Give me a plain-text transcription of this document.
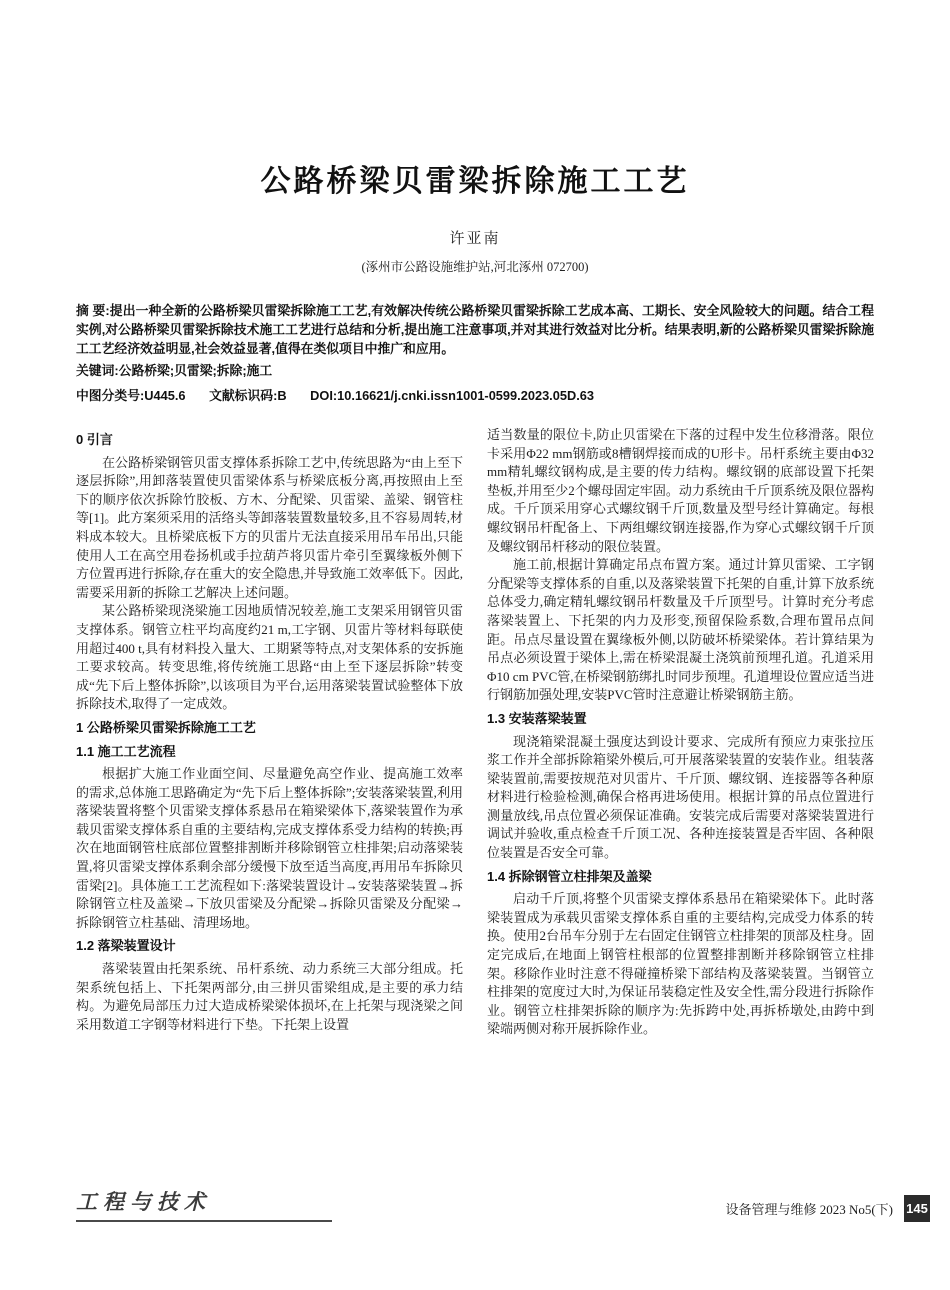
公路桥梁贝雷梁拆除施工工艺
许亚南
(涿州市公路设施维护站,河北涿州 072700)
摘 要:提出一种全新的公路桥梁贝雷梁拆除施工工艺,有效解决传统公路桥梁贝雷梁拆除工艺成本高、工期长、安全风险较大的问题。结合工程实例,对公路桥梁贝雷梁拆除技术施工工艺进行总结和分析,提出施工注意事项,并对其进行效益对比分析。结果表明,新的公路桥梁贝雷梁拆除施工工艺经济效益明显,社会效益显著,值得在类似项目中推广和应用。
关键词:公路桥梁;贝雷梁;拆除;施工
中图分类号:U445.6 文献标识码:B DOI:10.16621/j.cnki.issn1001-0599.2023.05D.63
0 引言

在公路桥梁钢管贝雷支撑体系拆除工艺中,传统思路为“由上至下逐层拆除”,用卸落装置使贝雷梁体系与桥梁底板分离,再按照由上至下的顺序依次拆除竹胶板、方木、分配梁、贝雷梁、盖梁、钢管柱等[1]。此方案须采用的活络头等卸落装置数量较多,且不容易周转,材料成本较大。且桥梁底板下方的贝雷片无法直接采用吊车吊出,只能使用人工在高空用卷扬机或手拉葫芦将贝雷片牵引至翼缘板外侧下方位置再进行拆除,存在重大的安全隐患,并导致施工效率低下。因此,需要采用新的拆除工艺解决上述问题。

某公路桥梁现浇梁施工因地质情况较差,施工支架采用钢管贝雷支撑体系。钢管立柱平均高度约21 m,工字钢、贝雷片等材料每联使用超过400 t,具有材料投入量大、工期紧等特点,对支架体系的安拆施工要求较高。转变思维,将传统施工思路“由上至下逐层拆除”转变成“先下后上整体拆除”,以该项目为平台,运用落梁装置试验整体下放拆除技术,取得了一定成效。

1 公路桥梁贝雷梁拆除施工工艺
1.1 施工工艺流程

根据扩大施工作业面空间、尽量避免高空作业、提高施工效率的需求,总体施工思路确定为“先下后上整体拆除”;安装落梁装置,利用落梁装置将整个贝雷梁支撑体系悬吊在箱梁梁体下,落梁装置作为承载贝雷梁支撑体系自重的主要结构,完成支撑体系受力结构的转换;再次在地面钢管柱底部位置整排割断并移除钢管立柱排架;启动落梁装置,将贝雷梁支撑体系剩余部分缓慢下放至适当高度,再用吊车拆除贝雷梁[2]。具体施工工艺流程如下:落梁装置设计→安装落梁装置→拆除钢管立柱及盖梁→下放贝雷梁及分配梁→拆除贝雷梁及分配梁→拆除钢管立柱基础、清理场地。

1.2 落梁装置设计

落梁装置由托架系统、吊杆系统、动力系统三大部分组成。托架系统包括上、下托架两部分,由三拼贝雷梁组成,是主要的承力结构。为避免局部压力过大造成桥梁梁体损坏,在上托架与现浇梁之间采用数道工字钢等材料进行下垫。下托架上设置

适当数量的限位卡,防止贝雷梁在下落的过程中发生位移滑落。限位卡采用Φ22 mm钢筋或8槽钢焊接而成的U形卡。吊杆系统主要由Φ32 mm精轧螺纹钢构成,是主要的传力结构。螺纹钢的底部设置下托架垫板,并用至少2个螺母固定牢固。动力系统由千斤顶系统及限位器构成。千斤顶采用穿心式螺纹钢千斤顶,数量及型号经计算确定。每根螺纹钢吊杆配备上、下两组螺纹钢连接器,作为穿心式螺纹钢千斤顶及螺纹钢吊杆移动的限位装置。

施工前,根据计算确定吊点布置方案。通过计算贝雷梁、工字钢分配梁等支撑体系的自重,以及落梁装置下托架的自重,计算下放系统总体受力,确定精轧螺纹钢吊杆数量及千斤顶型号。计算时充分考虑落梁装置上、下托架的内力及形变,预留保险系数,合理布置吊点间距。吊点尽量设置在翼缘板外侧,以防破坏桥梁梁体。若计算结果为吊点必须设置于梁体上,需在桥梁混凝土浇筑前预埋孔道。孔道采用Φ10 cm PVC管,在桥梁钢筋绑扎时同步预埋。孔道埋设位置应适当进行钢筋加强处理,安装PVC管时注意避让桥梁钢筋主筋。

1.3 安装落梁装置

现浇箱梁混凝土强度达到设计要求、完成所有预应力束张拉压浆工作并全部拆除箱梁外模后,可开展落梁装置的安装作业。组装落梁装置前,需要按规范对贝雷片、千斤顶、螺纹钢、连接器等各种原材料进行检验检测,确保合格再进场使用。根据计算的吊点位置进行测量放线,吊点位置必须保证准确。安装完成后需要对落梁装置进行调试并验收,重点检查千斤顶工况、各种连接装置是否牢固、各种限位装置是否安全可靠。

1.4 拆除钢管立柱排架及盖梁

启动千斤顶,将整个贝雷梁支撑体系悬吊在箱梁梁体下。此时落梁装置成为承载贝雷梁支撑体系自重的主要结构,完成受力体系的转换。使用2台吊车分别于左右固定住钢管立柱排架的顶部及柱身。固定完成后,在地面上钢管柱根部的位置整排割断并移除钢管立柱排架。移除作业时注意不得碰撞桥梁下部结构及落梁装置。当钢管立柱排架的宽度过大时,为保证吊装稳定性及安全性,需分段进行拆除作业。钢管立柱排架拆除的顺序为:先拆跨中处,再拆桥墩处,由跨中到梁端两侧对称开展拆除作业。

工程与技术	设备管理与维修 2023 No5(下) 145
